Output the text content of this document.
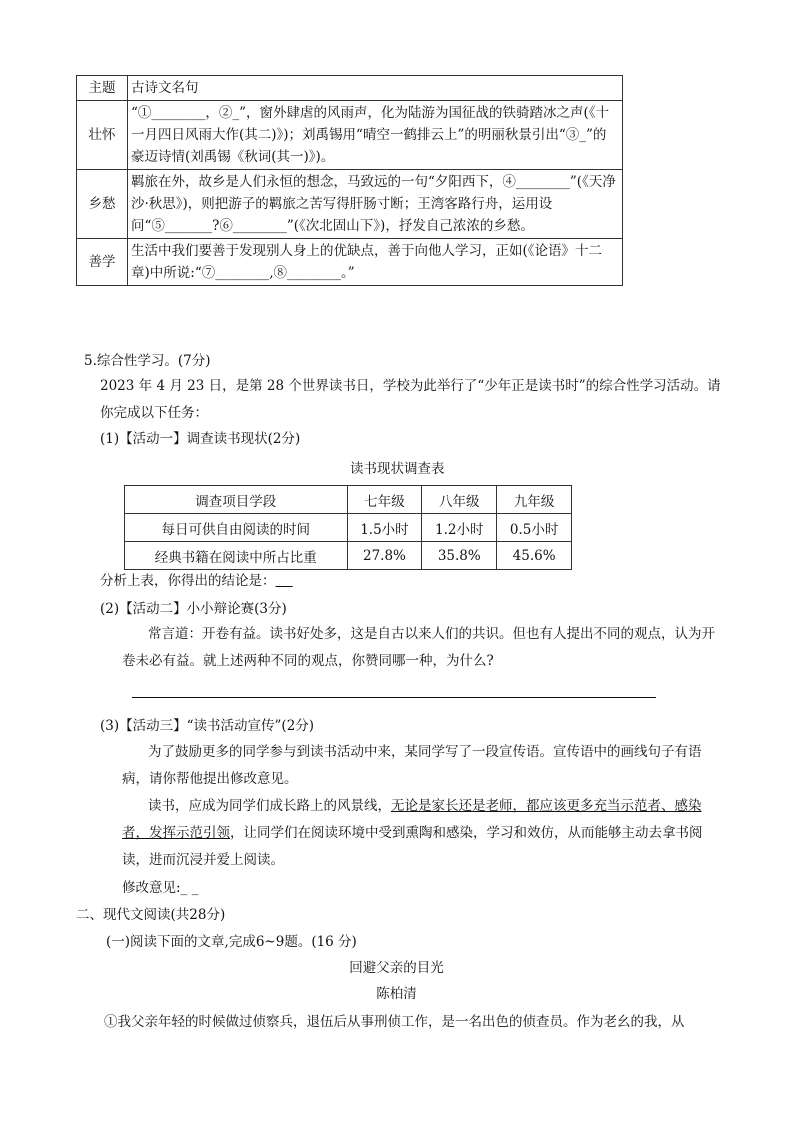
主题	古诗文名句
壮怀	“①________，②_”，窗外肆虐的风雨声，化为陆游为国征战的铁骑踏冰之声(《十一月四日风雨大作(其二)》)；刘禹锡用“晴空一鹤排云上”的明丽秋景引出“③_”的豪迈诗情(刘禹锡《秋词(其一)》)。
乡愁	羁旅在外，故乡是人们永恒的想念，马致远的一句“夕阳西下，④________”(《天净沙·秋思》)，则把游子的羁旅之苦写得肝肠寸断；王湾客路行舟，运用设问“⑤_______?⑥________”(《次北固山下》)，抒发自己浓浓的乡愁。
善学	生活中我们要善于发现别人身上的优缺点，善于向他人学习，正如(《论语》十二章)中所说:“⑦________,⑧________。”
5.综合性学习。(7分)
2023 年 4 月 23 日，是第 28 个世界读书日，学校为此举行了“少年正是读书时”的综合性学习活动。请你完成以下任务：
(1)【活动一】调查读书现状(2分)
读书现状调查表
调查项目学段	七年级	八年级	九年级
每日可供自由阅读的时间	1.5小时	1.2小时	0.5小时
经典书籍在阅读中所占比重	27.8%	35.8%	45.6%
分析上表，你得出的结论是：  
(2)【活动二】小小辩论赛(3分)
常言道：开卷有益。读书好处多，这是自古以来人们的共识。但也有人提出不同的观点，认为开卷未必有益。就上述两种不同的观点，你赞同哪一种，为什么?
(3)【活动三】“读书活动宣传”(2分)
为了鼓励更多的同学参与到读书活动中来，某同学写了一段宣传语。宣传语中的画线句子有语病，请你帮他提出修改意见。
读书，应成为同学们成长路上的风景线，无论是家长还是老师，都应该更多充当示范者、感染者，发挥示范引领，让同学们在阅读环境中受到熏陶和感染，学习和效仿，从而能够主动去拿书阅读，进而沉浸并爱上阅读。
修改意见:_ _
二、现代文阅读(共28分)
(一)阅读下面的文章,完成6~9题。(16 分)
回避父亲的目光
陈柏清
①我父亲年轻的时候做过侦察兵，退伍后从事刑侦工作，是一名出色的侦查员。作为老幺的我，从
